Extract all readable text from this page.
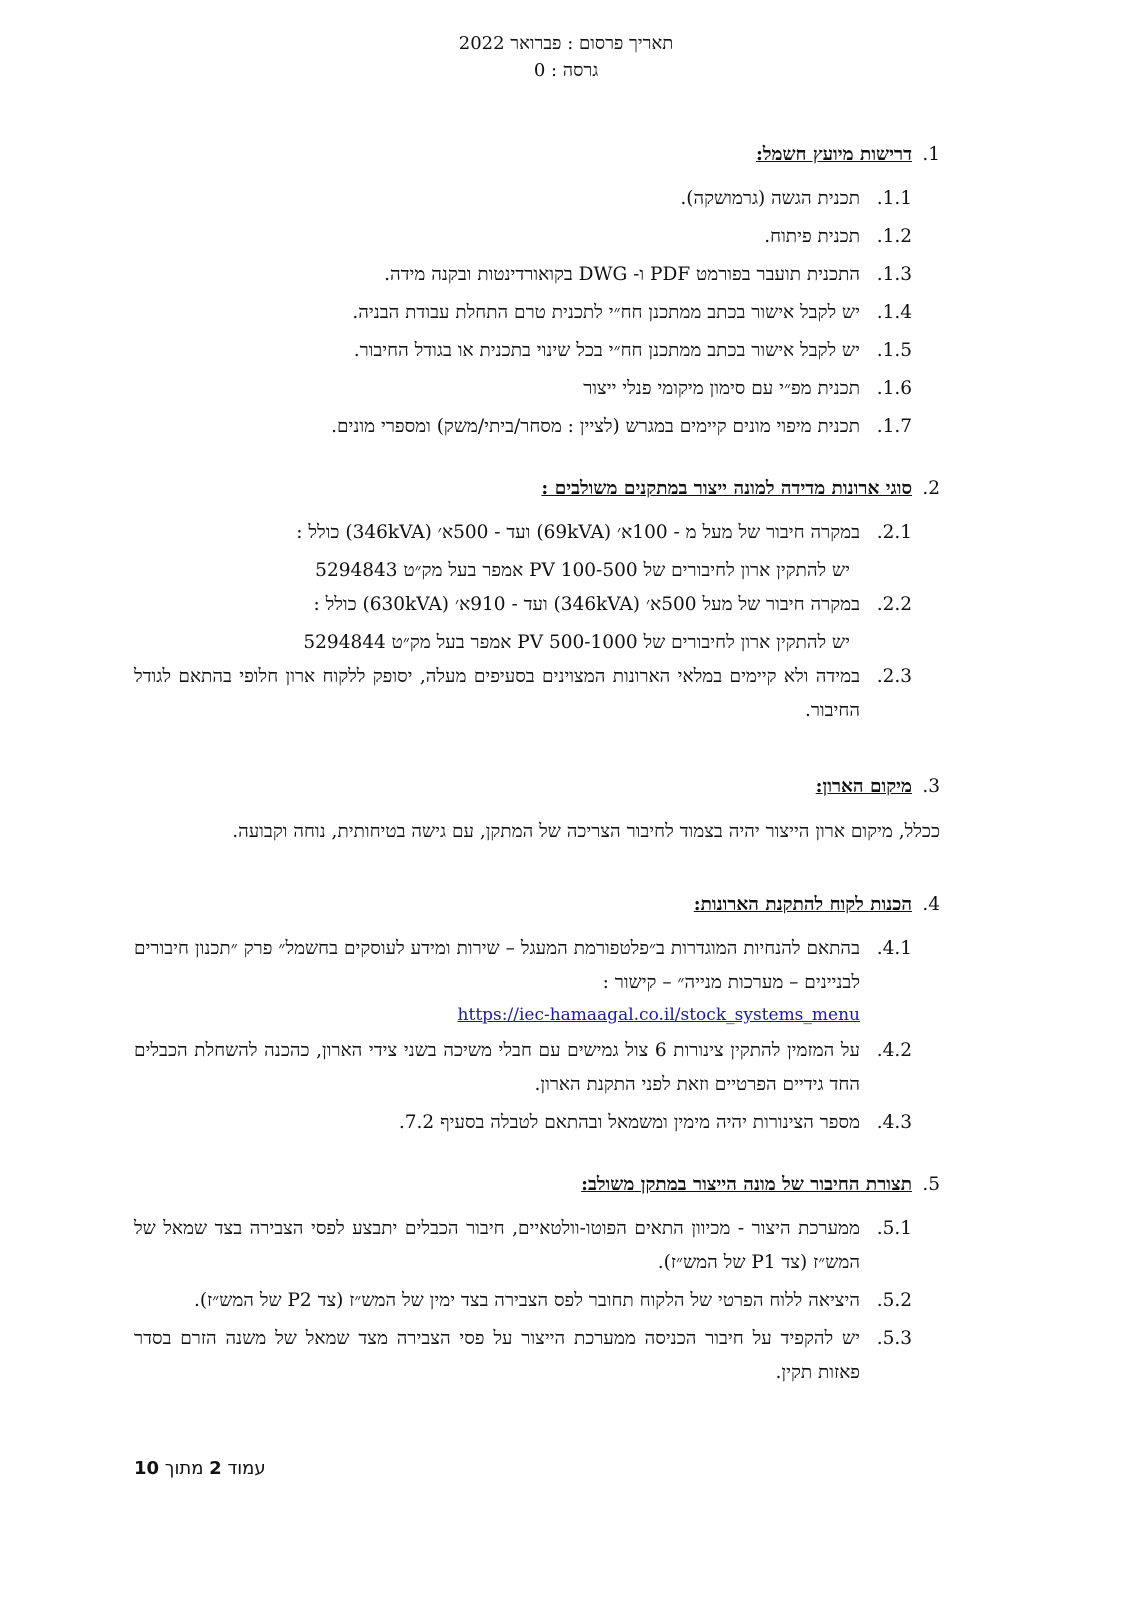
תאריך פרסום : פברואר 2022
גרסה : 0
1.
דרישות מיועץ חשמל:
1.1.
תכנית הגשה (גרמושקה).
1.2.
תכנית פיתוח.
1.3.
התכנית תועבר בפורמט PDF ו- DWG בקואורדינטות ובקנה מידה.
1.4.
יש לקבל אישור בכתב ממתכנן חח״י לתכנית טרם התחלת עבודת הבניה.
1.5.
יש לקבל אישור בכתב ממתכנן חח״י בכל שינוי בתכנית או בגודל החיבור.
1.6.
תכנית מפ״י עם סימון מיקומי פנלי ייצור
1.7.
תכנית מיפוי מונים קיימים במגרש (לציין : מסחר/ביתי/משק) ומספרי מונים.
2.
סוגי ארונות מדידה למונה ייצור במתקנים משולבים :
2.1.
במקרה חיבור של מעל מ - 100א׳ (69kVA) ועד - 500א׳ (346kVA) כולל :
יש להתקין ארון לחיבורים של PV 100-500 אמפר בעל מק״ט 5294843
2.2.
במקרה חיבור של מעל 500א׳ (346kVA) ועד - 910א׳ (630kVA) כולל :
יש להתקין ארון לחיבורים של PV 500-1000 אמפר בעל מק״ט 5294844
2.3.
במידה ולא קיימים במלאי הארונות המצוינים בסעיפים מעלה, יסופק ללקוח ארון חלופי בהתאם לגודל החיבור.
3.
מיקום הארון:
ככלל, מיקום ארון הייצור יהיה בצמוד לחיבור הצריכה של המתקן, עם גישה בטיחותית, נוחה וקבועה.
4.
הכנות לקוח להתקנת הארונות:
4.1.
בהתאם להנחיות המוגדרות ב״פלטפורמת המעגל – שירות ומידע לעוסקים בחשמל״ פרק ״תכנון חיבורים לבניינים – מערכות מנייה״ – קישור :
https://iec-hamaagal.co.il/stock_systems_menu
4.2.
על המזמין להתקין צינורות 6 צול גמישים עם חבלי משיכה בשני צידי הארון, כהכנה להשחלת הכבלים החד גידיים הפרטיים וזאת לפני התקנת הארון.
4.3.
מספר הצינורות יהיה מימין ומשמאל ובהתאם לטבלה בסעיף 7.2.
5.
תצורת החיבור של מונה הייצור במתקן משולב:
5.1.
ממערכת היצור - מכיוון התאים הפוטו-וולטאיים, חיבור הכבלים יתבצע לפסי הצבירה בצד שמאל של המש״ז (צד P1 של המש״ז).
5.2.
היציאה ללוח הפרטי של הלקוח תחובר לפס הצבירה בצד ימין של המש״ז (צד P2 של המש״ז).
5.3.
יש להקפיד על חיבור הכניסה ממערכת הייצור על פסי הצבירה מצד שמאל של משנה הזרם בסדר פאזות תקין.
עמוד 2 מתוך 10
